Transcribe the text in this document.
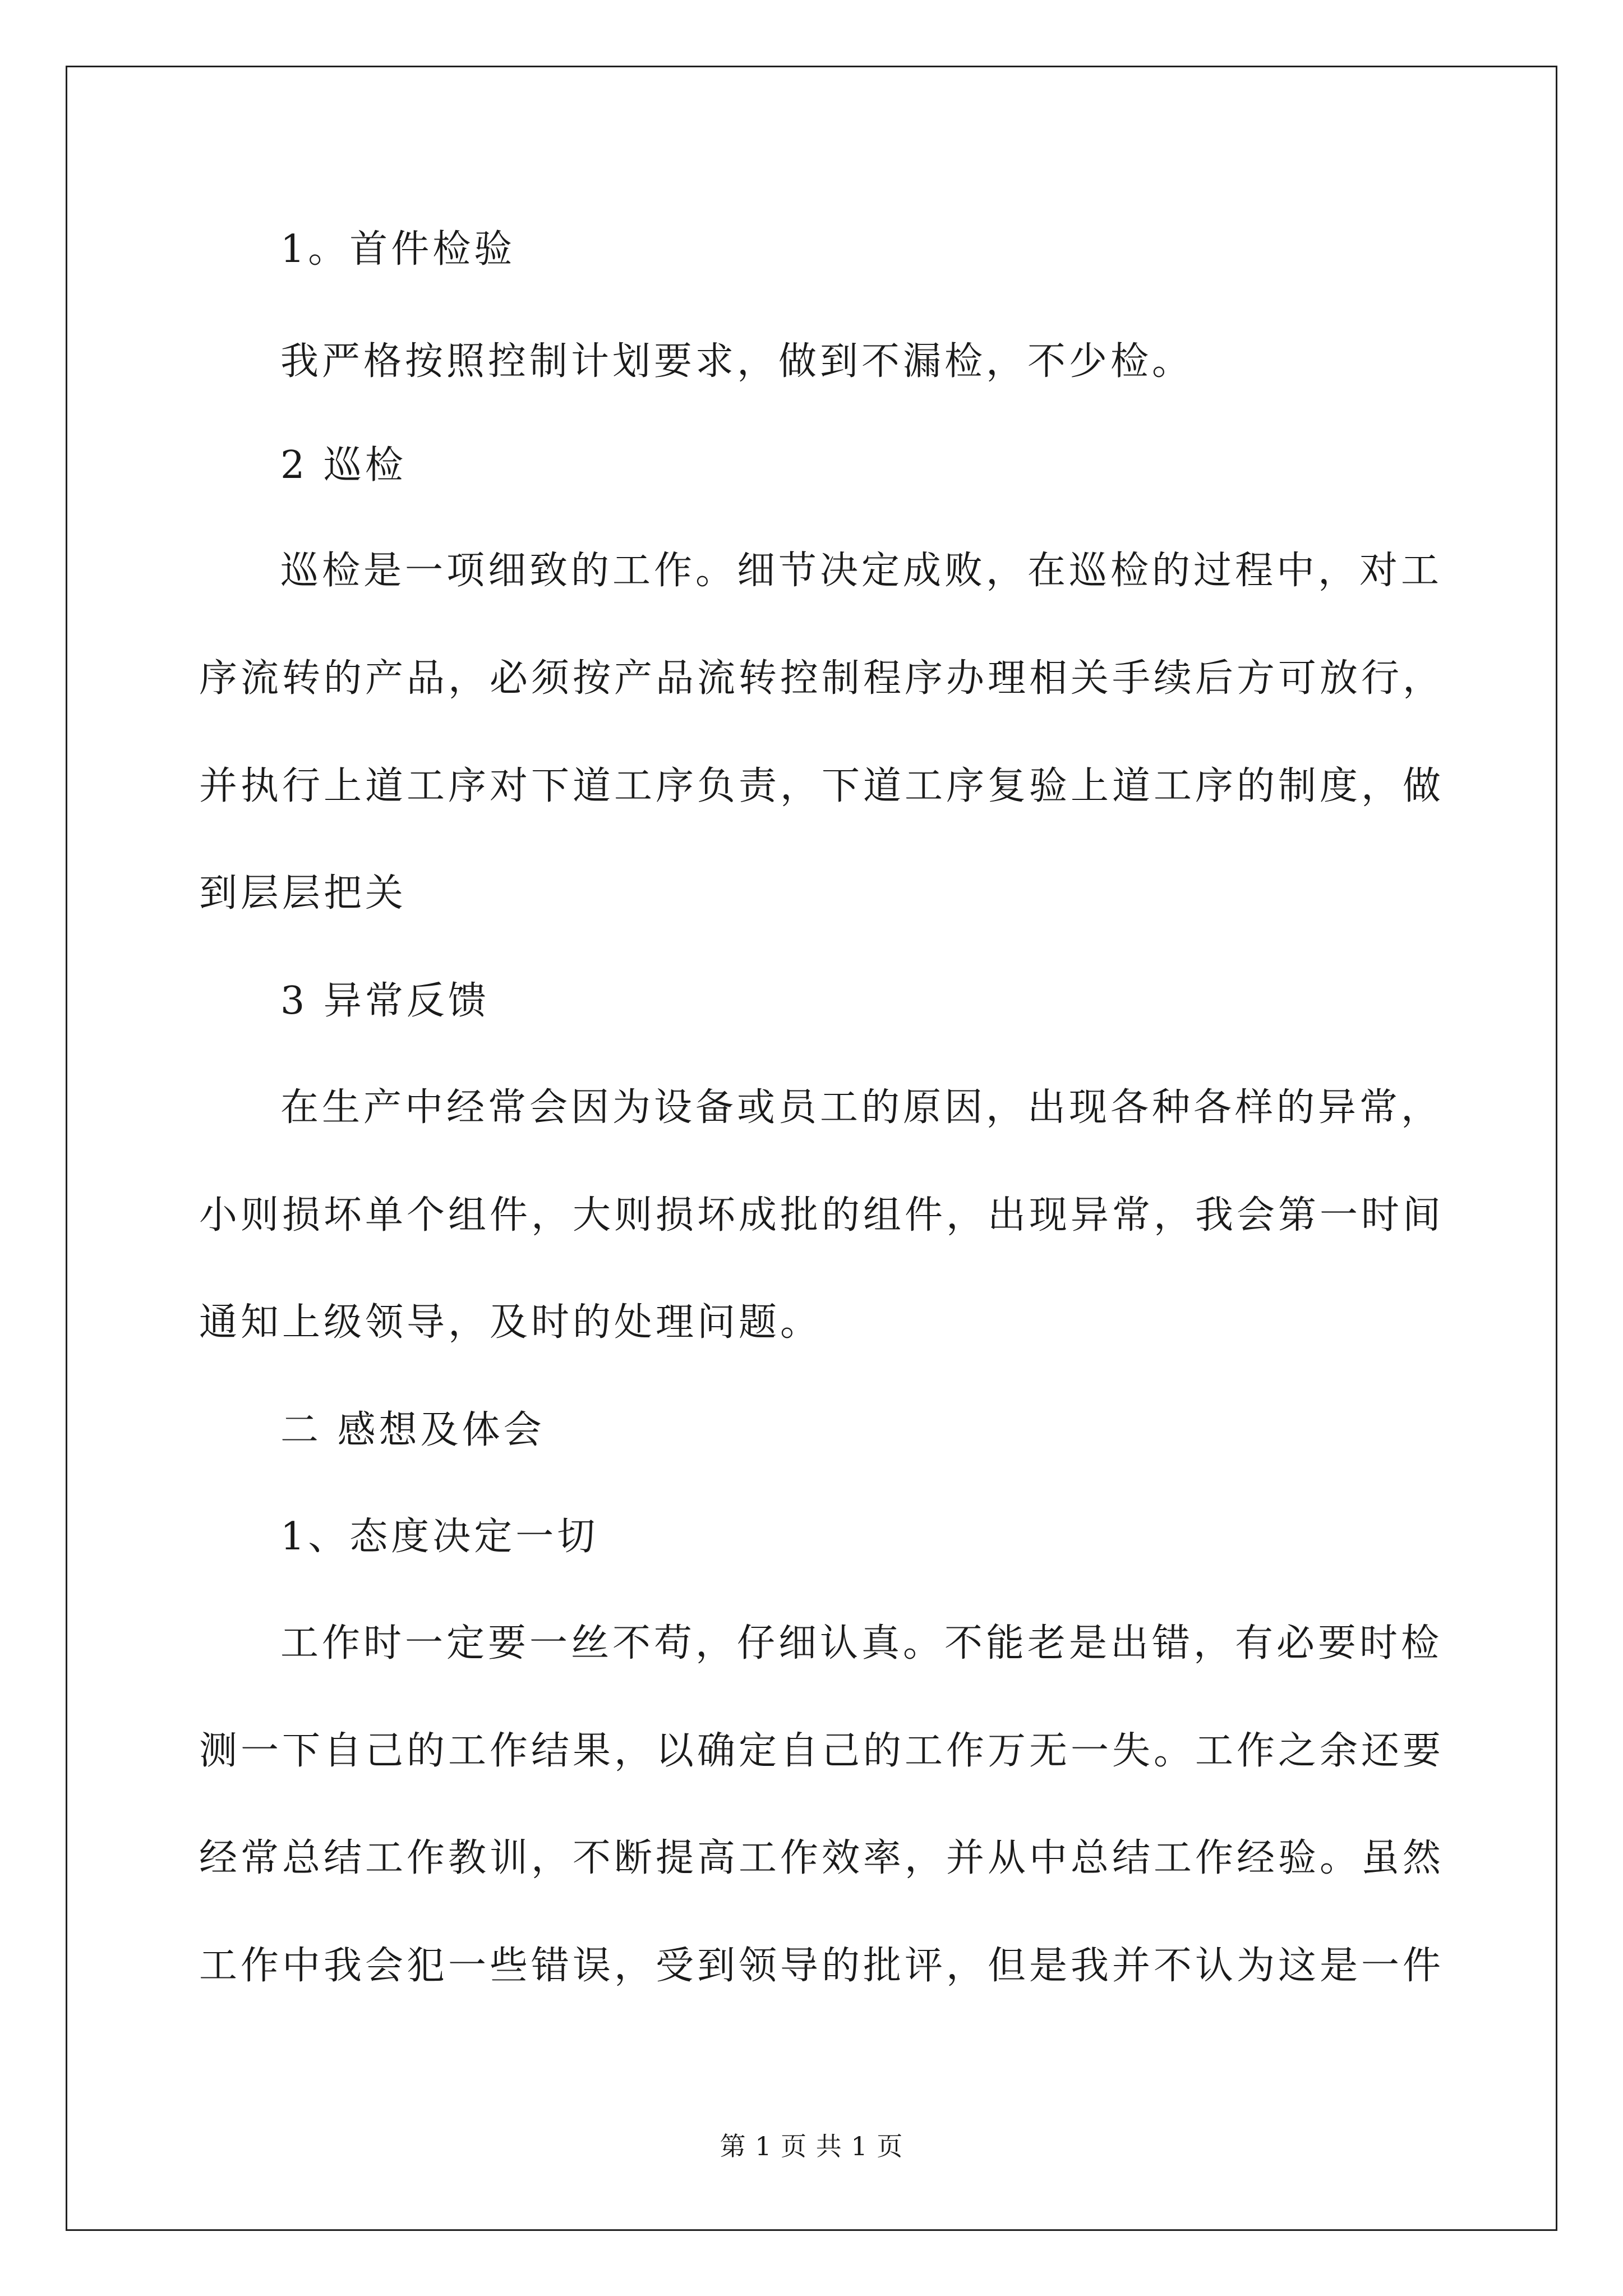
1。首件检验
我严格按照控制计划要求，做到不漏检，不少检。
2 巡检
巡检是一项细致的工作。细节决定成败，在巡检的过程中，对工
序流转的产品，必须按产品流转控制程序办理相关手续后方可放行，
并执行上道工序对下道工序负责，下道工序复验上道工序的制度，做
到层层把关
3 异常反馈
在生产中经常会因为设备或员工的原因，出现各种各样的异常，
小则损坏单个组件，大则损坏成批的组件，出现异常，我会第一时间
通知上级领导，及时的处理问题。
二 感想及体会
1、态度决定一切
工作时一定要一丝不苟，仔细认真。不能老是出错，有必要时检
测一下自己的工作结果，以确定自己的工作万无一失。工作之余还要
经常总结工作教训，不断提高工作效率，并从中总结工作经验。虽然
工作中我会犯一些错误，受到领导的批评，但是我并不认为这是一件
第 1 页 共 1 页
